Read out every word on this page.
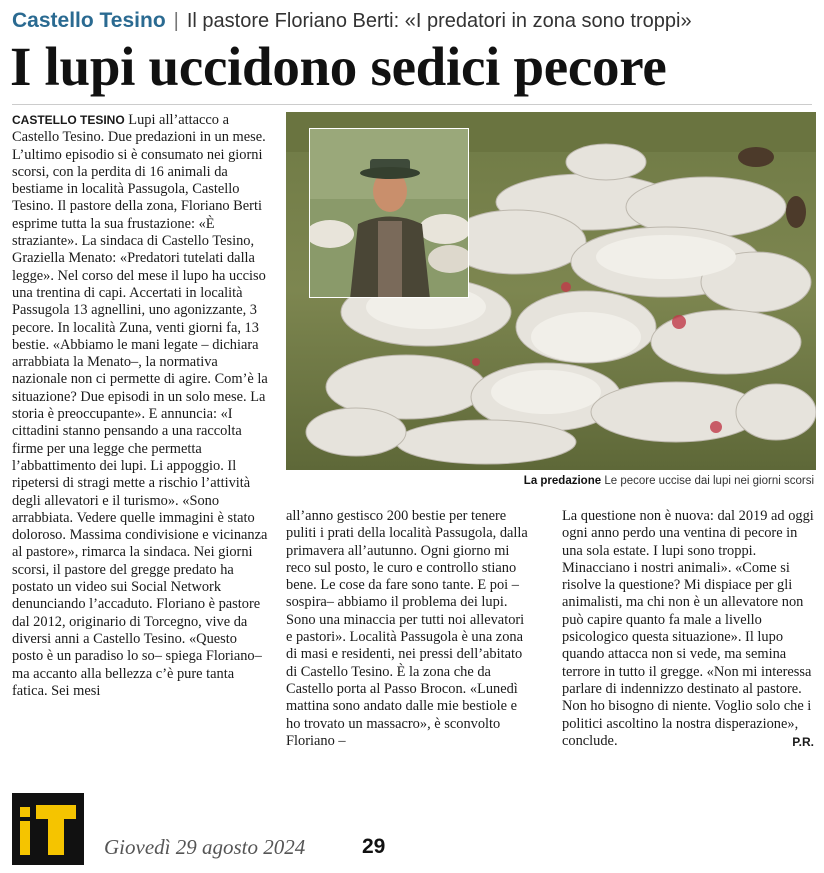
Castello Tesino | Il pastore Floriano Berti: «I predatori in zona sono troppi»
I lupi uccidono sedici pecore

CASTELLO TESINO Lupi all’attacco a Castello Tesino. Due predazioni in un mese. L’ultimo episodio si è consumato nei giorni scorsi, con la perdita di 16 animali da bestiame in località Passugola, Castello Tesino. Il pastore della zona, Floriano Berti esprime tutta la sua frustazione: «È straziante». La sindaca di Castello Tesino, Graziella Menato: «Predatori tutelati dalla legge». Nel corso del mese il lupo ha ucciso una trentina di capi. Accertati in località Passugola 13 agnellini, uno agonizzante, 3 pecore. In località Zuna, venti giorni fa, 13 bestie. «Abbiamo le mani legate – dichiara arrabbiata la Menato–, la normativa nazionale non ci permette di agire. Com’è la situazione? Due episodi in un solo mese. La storia è preoccupante». E annuncia: «I cittadini stanno pensando a una raccolta firme per una legge che permetta l’abbattimento dei lupi. Li appoggio. Il ripetersi di stragi mette a rischio l’attività degli allevatori e il turismo». «Sono arrabbiata. Vedere quelle immagini è stato doloroso. Massima condivisione e vicinanza al pastore», rimarca la sindaca. Nei giorni scorsi, il pastore del gregge predato ha postato un video sui Social Network denunciando l’accaduto. Floriano è pastore dal 2012, originario di Torcegno, vive da diversi anni a Castello Tesino. «Questo posto è un paradiso lo so– spiega Floriano– ma accanto alla bellezza c’è pure tanta fatica. Sei mesi

La predazione Le pecore uccise dai lupi nei giorni scorsi

all’anno gestisco 200 bestie per tenere puliti i prati della località Passugola, dalla primavera all’autunno. Ogni giorno mi reco sul posto, le curo e controllo stiano bene. Le cose da fare sono tante. E poi – sospira– abbiamo il problema dei lupi. Sono una minaccia per tutti noi allevatori e pastori». Località Passugola è una zona di masi e residenti, nei pressi dell’abitato di Castello Tesino. È la zona che da Castello porta al Passo Brocon. «Lunedì mattina sono andato dalle mie bestiole e ho trovato un massacro», è sconvolto Floriano –

La questione non è nuova: dal 2019 ad oggi ogni anno perdo una ventina di pecore in una sola estate. I lupi sono troppi. Minacciano i nostri animali». «Come si risolve la questione? Mi dispiace per gli animalisti, ma chi non è un allevatore non può capire quanto fa male a livello psicologico questa situazione». Il lupo quando attacca non si vede, ma semina terrore in tutto il gregge. «Non mi interessa parlare di indennizzo destinato al pastore. Non ho bisogno di niente. Voglio solo che i politici ascoltino la nostra disperazione», conclude.	P.R.

Giovedì 29 agosto 2024	29
